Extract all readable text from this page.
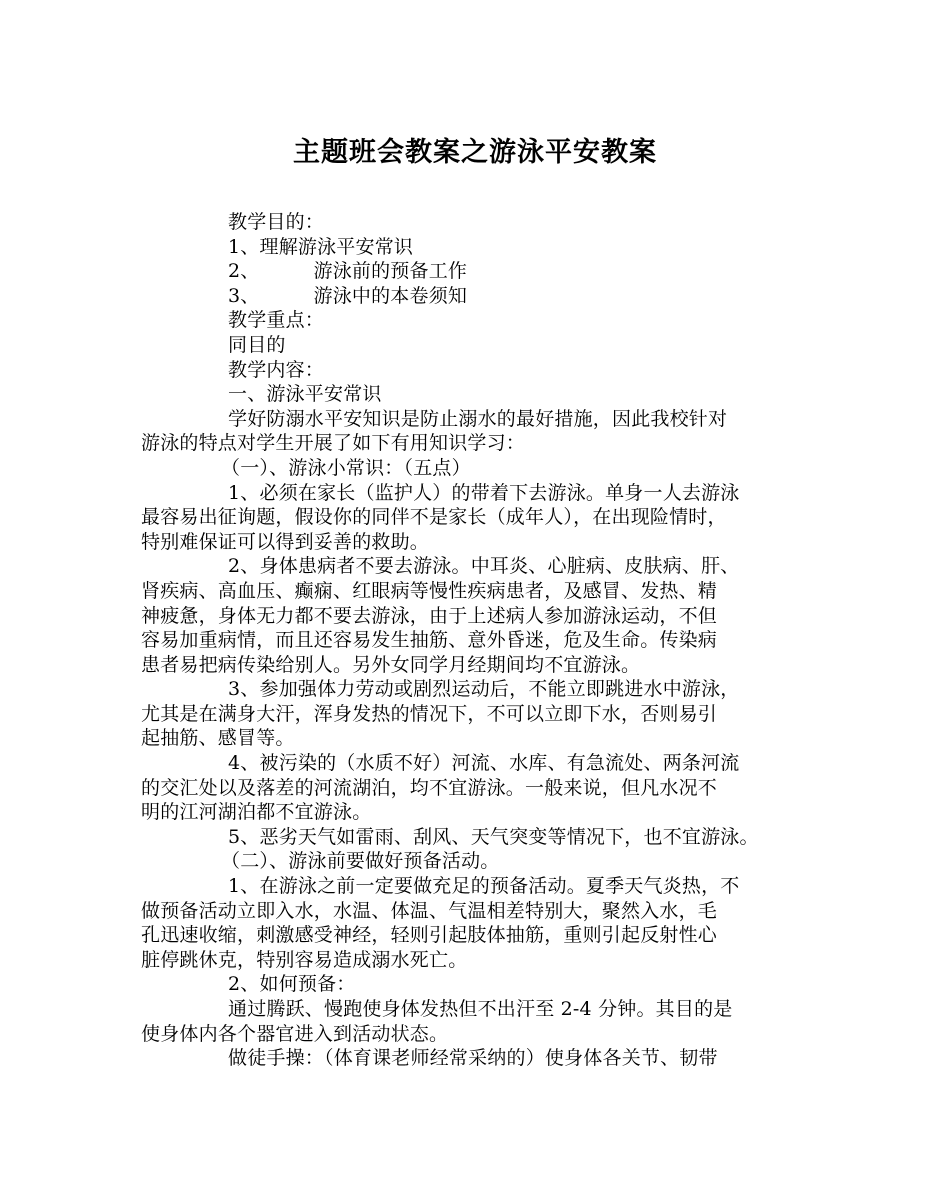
主题班会教案之游泳平安教案

教学目的：

1、理解游泳平安常识

2、	游泳前的预备工作

3、	游泳中的本卷须知

教学重点：

同目的

教学内容：

一、游泳平安常识

学好防溺水平安知识是防止溺水的最好措施，因此我校针对

游泳的特点对学生开展了如下有用知识学习：

（一）、游泳小常识：（五点）

1、必须在家长（监护人）的带着下去游泳。单身一人去游泳

最容易出征询题，假设你的同伴不是家长（成年人），在出现险情时，

特别难保证可以得到妥善的救助。

2、身体患病者不要去游泳。中耳炎、心脏病、皮肤病、肝、

肾疾病、高血压、癫痫、红眼病等慢性疾病患者，及感冒、发热、精

神疲惫，身体无力都不要去游泳，由于上述病人参加游泳运动，不但

容易加重病情，而且还容易发生抽筋、意外昏迷，危及生命。传染病

患者易把病传染给别人。另外女同学月经期间均不宜游泳。

3、参加强体力劳动或剧烈运动后，不能立即跳进水中游泳，

尤其是在满身大汗，浑身发热的情况下，不可以立即下水，否则易引

起抽筋、感冒等。

4、被污染的（水质不好）河流、水库、有急流处、两条河流

的交汇处以及落差的河流湖泊，均不宜游泳。一般来说，但凡水况不

明的江河湖泊都不宜游泳。

5、恶劣天气如雷雨、刮风、天气突变等情况下，也不宜游泳。

（二）、游泳前要做好预备活动。

1、在游泳之前一定要做充足的预备活动。夏季天气炎热，不

做预备活动立即入水，水温、体温、气温相差特别大，聚然入水，毛

孔迅速收缩，刺激感受神经，轻则引起肢体抽筋，重则引起反射性心

脏停跳休克，特别容易造成溺水死亡。

2、如何预备：

通过腾跃、慢跑使身体发热但不出汗至 2-4 分钟。其目的是

使身体内各个器官进入到活动状态。

做徒手操：（体育课老师经常采纳的）使身体各关节、韧带
